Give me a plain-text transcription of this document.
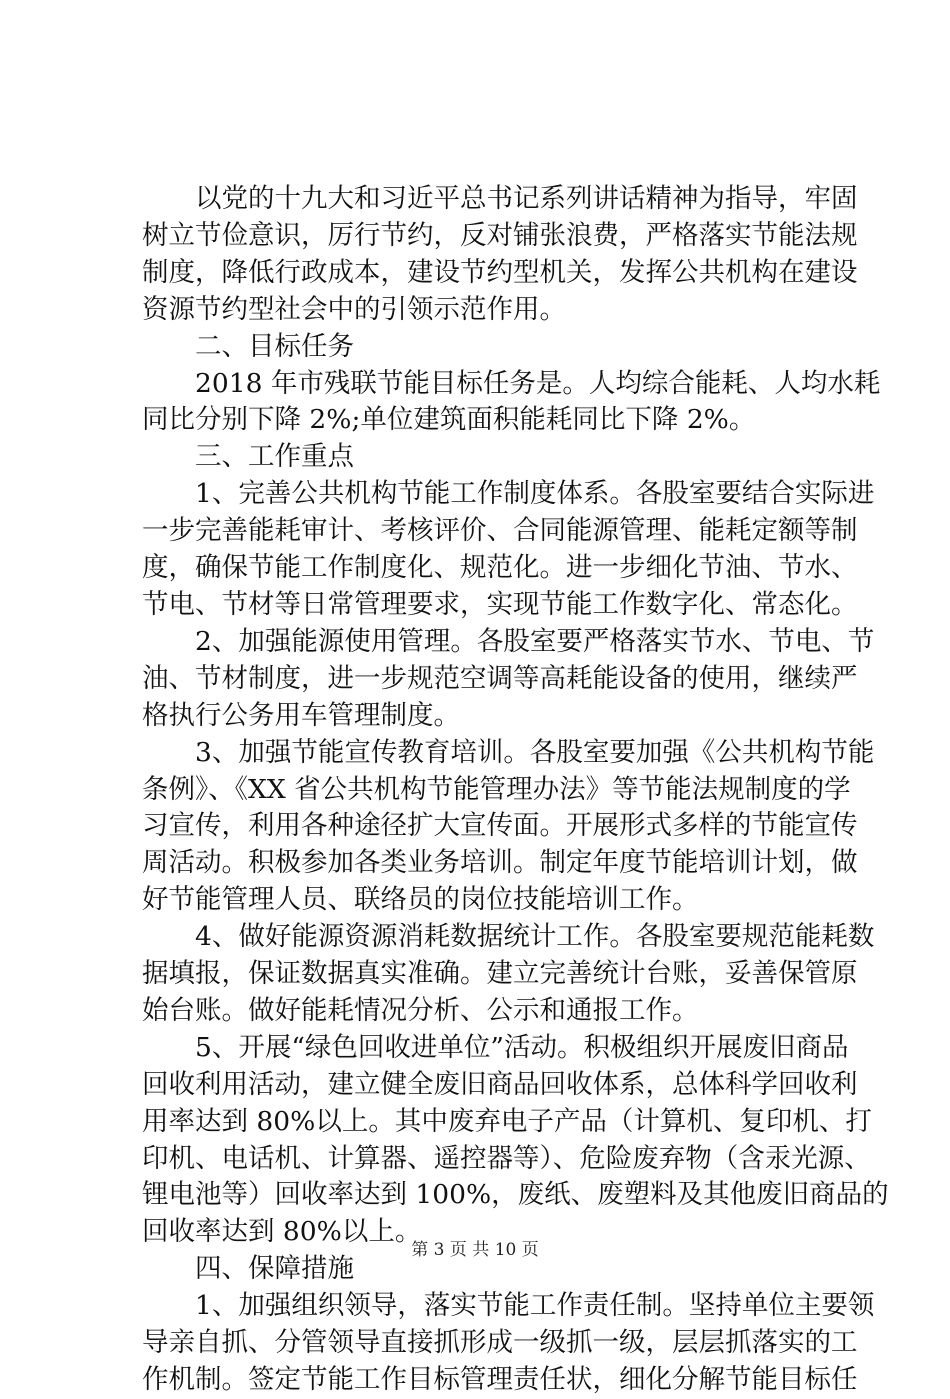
　　以党的十九大和习近平总书记系列讲话精神为指导，牢固
树立节俭意识，厉行节约，反对铺张浪费，严格落实节能法规
制度，降低行政成本，建设节约型机关，发挥公共机构在建设
资源节约型社会中的引领示范作用。
　　二、目标任务
　　2018 年市残联节能目标任务是。人均综合能耗、人均水耗
同比分别下降 2%;单位建筑面积能耗同比下降 2%。
　　三、工作重点
　　1、完善公共机构节能工作制度体系。各股室要结合实际进
一步完善能耗审计、考核评价、合同能源管理、能耗定额等制
度，确保节能工作制度化、规范化。进一步细化节油、节水、
节电、节材等日常管理要求，实现节能工作数字化、常态化。
　　2、加强能源使用管理。各股室要严格落实节水、节电、节
油、节材制度，进一步规范空调等高耗能设备的使用，继续严
格执行公务用车管理制度。
　　3、加强节能宣传教育培训。各股室要加强《公共机构节能
条例》、《XX 省公共机构节能管理办法》等节能法规制度的学
习宣传，利用各种途径扩大宣传面。开展形式多样的节能宣传
周活动。积极参加各类业务培训。制定年度节能培训计划，做
好节能管理人员、联络员的岗位技能培训工作。
　　4、做好能源资源消耗数据统计工作。各股室要规范能耗数
据填报，保证数据真实准确。建立完善统计台账，妥善保管原
始台账。做好能耗情况分析、公示和通报工作。
　　5、开展“绿色回收进单位”活动。积极组织开展废旧商品
回收利用活动，建立健全废旧商品回收体系，总体科学回收利
用率达到 80%以上。其中废弃电子产品（计算机、复印机、打
印机、电话机、计算器、遥控器等）、危险废弃物（含汞光源、
锂电池等）回收率达到 100%，废纸、废塑料及其他废旧商品的
回收率达到 80%以上。
　　四、保障措施
　　1、加强组织领导，落实节能工作责任制。坚持单位主要领
导亲自抓、分管领导直接抓形成一级抓一级，层层抓落实的工
作机制。签定节能工作目标管理责任状，细化分解节能目标任
第 3 页 共 10 页
